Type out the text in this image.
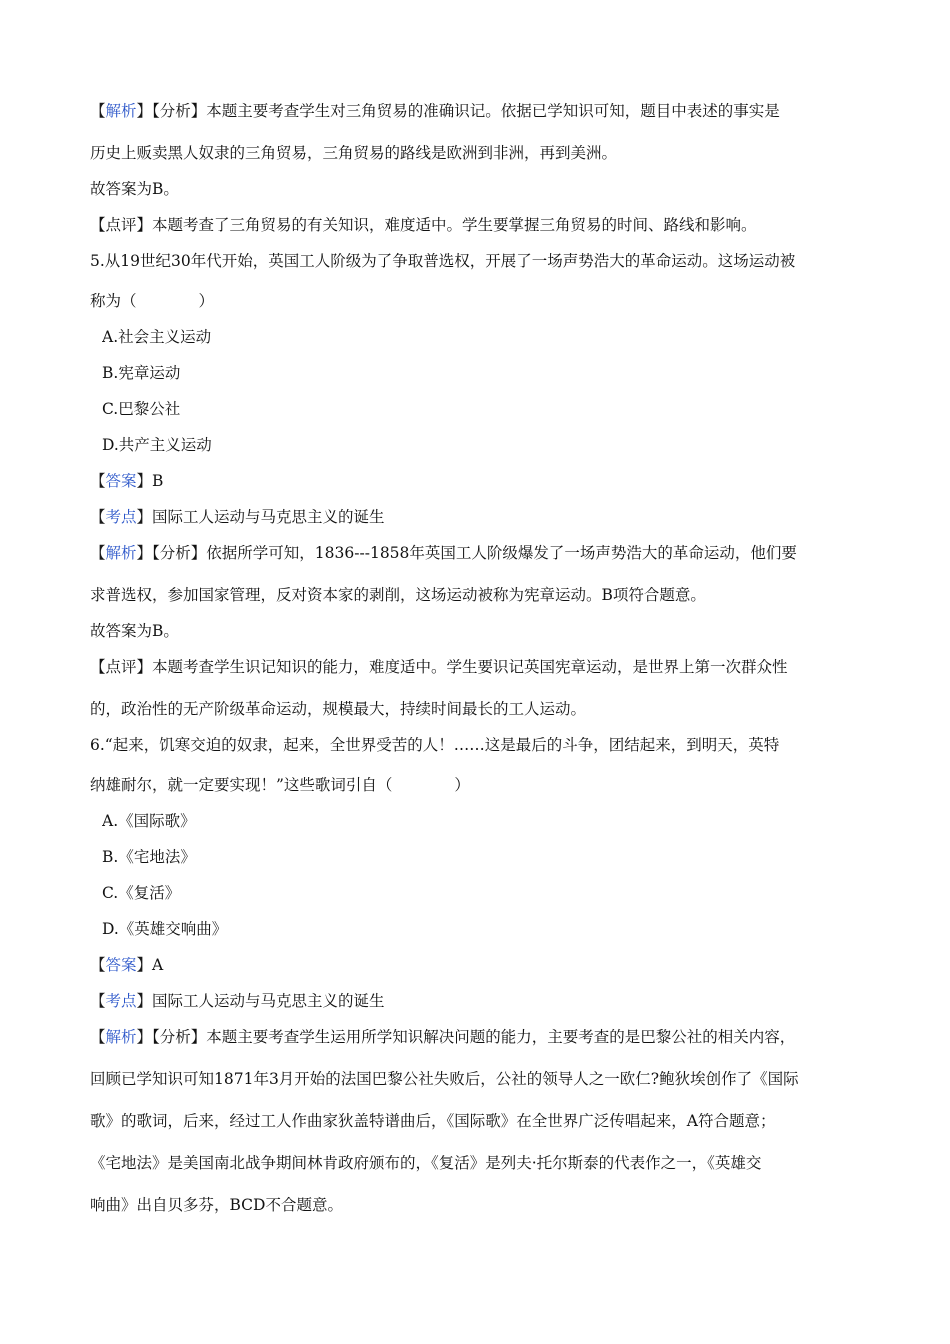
【解析】【分析】本题主要考查学生对三角贸易的准确识记。依据已学知识可知，题目中表述的事实是
历史上贩卖黑人奴隶的三角贸易，三角贸易的路线是欧洲到非洲，再到美洲。
故答案为B。
【点评】本题考查了三角贸易的有关知识，难度适中。学生要掌握三角贸易的时间、路线和影响。
5.从19世纪30年代开始，英国工人阶级为了争取普选权，开展了一场声势浩大的革命运动。这场运动被
称为（　　　　）
A.社会主义运动
B.宪章运动
C.巴黎公社
D.共产主义运动
【答案】B
【考点】国际工人运动与马克思主义的诞生
【解析】【分析】依据所学可知，1836---1858年英国工人阶级爆发了一场声势浩大的革命运动，他们要
求普选权，参加国家管理，反对资本家的剥削，这场运动被称为宪章运动。B项符合题意。
故答案为B。
【点评】本题考查学生识记知识的能力，难度适中。学生要识记英国宪章运动，是世界上第一次群众性
的，政治性的无产阶级革命运动，规模最大，持续时间最长的工人运动。
6.“起来，饥寒交迫的奴隶，起来，全世界受苦的人！……这是最后的斗争，团结起来，到明天，英特
纳雄耐尔，就一定要实现！”这些歌词引自（　　　　）
A.《国际歌》
B.《宅地法》
C.《复活》
D.《英雄交响曲》
【答案】A
【考点】国际工人运动与马克思主义的诞生
【解析】【分析】本题主要考查学生运用所学知识解决问题的能力，主要考查的是巴黎公社的相关内容，
回顾已学知识可知1871年3月开始的法国巴黎公社失败后，公社的领导人之一欧仁?鲍狄埃创作了《国际
歌》的歌词，后来，经过工人作曲家狄盖特谱曲后，《国际歌》在全世界广泛传唱起来，A符合题意；
《宅地法》是美国南北战争期间林肯政府颁布的，《复活》是列夫·托尔斯泰的代表作之一，《英雄交
响曲》出自贝多芬，BCD不合题意。
